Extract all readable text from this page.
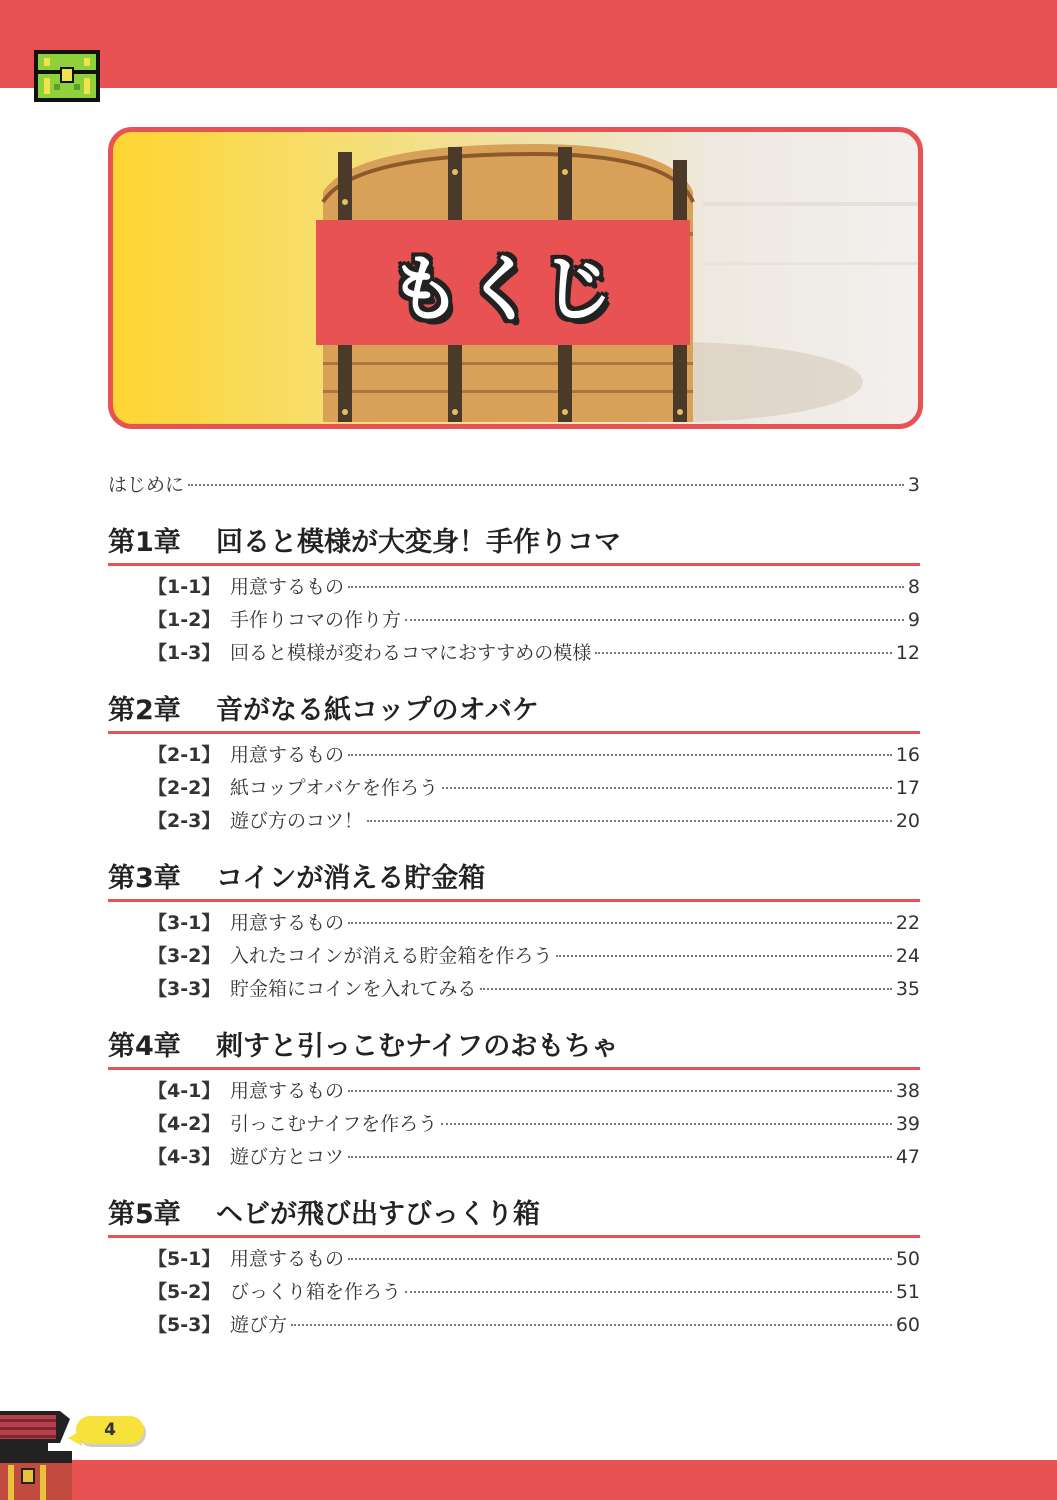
もくじ
はじめに	3
第1章	回ると模様が大変身！手作りコマ
【1-1】 用意するもの	8
【1-2】 手作りコマの作り方	9
【1-3】 回ると模様が変わるコマにおすすめの模様	12
第2章	音がなる紙コップのオバケ
【2-1】 用意するもの	16
【2-2】 紙コップオバケを作ろう	17
【2-3】 遊び方のコツ！	20
第3章	コインが消える貯金箱
【3-1】 用意するもの	22
【3-2】 入れたコインが消える貯金箱を作ろう	24
【3-3】 貯金箱にコインを入れてみる	35
第4章	刺すと引っこむナイフのおもちゃ
【4-1】 用意するもの	38
【4-2】 引っこむナイフを作ろう	39
【4-3】 遊び方とコツ	47
第5章	ヘビが飛び出すびっくり箱
【5-1】 用意するもの	50
【5-2】 びっくり箱を作ろう	51
【5-3】 遊び方	60
4
